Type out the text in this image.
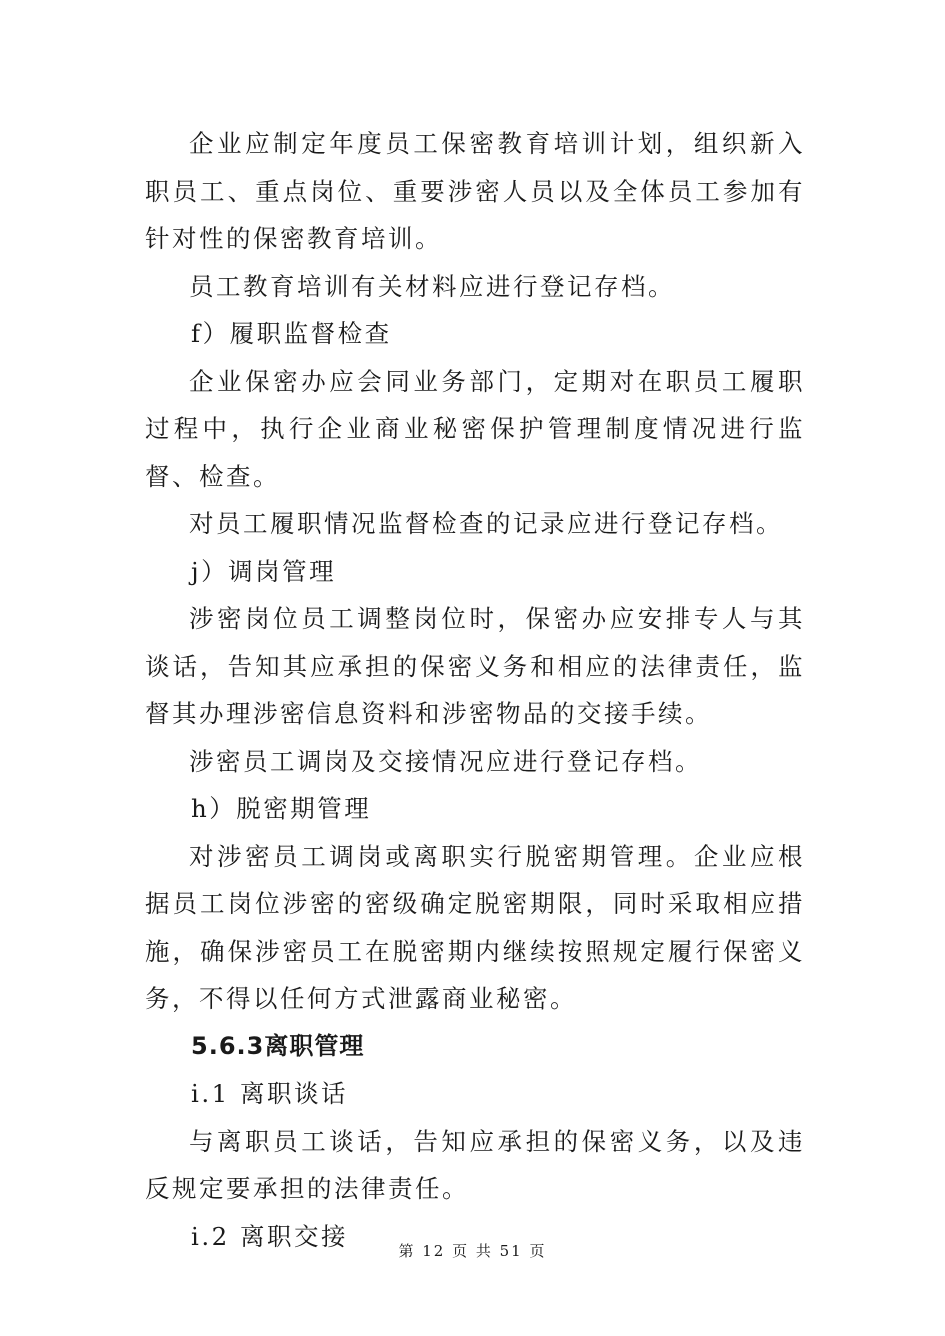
企业应制定年度员工保密教育培训计划，组织新入职员工、重点岗位、重要涉密人员以及全体员工参加有针对性的保密教育培训。

员工教育培训有关材料应进行登记存档。

f）履职监督检查

企业保密办应会同业务部门，定期对在职员工履职过程中，执行企业商业秘密保护管理制度情况进行监督、检查。

对员工履职情况监督检查的记录应进行登记存档。

j）调岗管理

涉密岗位员工调整岗位时，保密办应安排专人与其谈话，告知其应承担的保密义务和相应的法律责任，监督其办理涉密信息资料和涉密物品的交接手续。

涉密员工调岗及交接情况应进行登记存档。

h）脱密期管理

对涉密员工调岗或离职实行脱密期管理。企业应根据员工岗位涉密的密级确定脱密期限，同时采取相应措施，确保涉密员工在脱密期内继续按照规定履行保密义务，不得以任何方式泄露商业秘密。

5.6.3离职管理

i.1 离职谈话

与离职员工谈话，告知应承担的保密义务，以及违反规定要承担的法律责任。

i.2 离职交接

第 12 页 共 51 页
